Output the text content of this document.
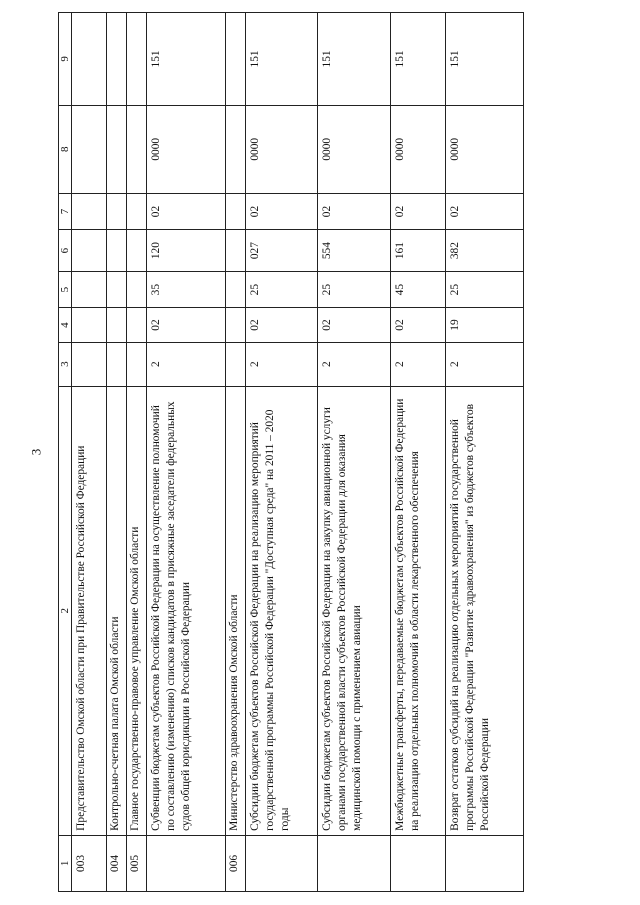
3
1	2	3	4	5	6	7	8	9
003	Представительство Омской области при Правительстве Российской Федерации							
004	Контрольно-счетная палата Омской области							
005	Главное государственно-правовое управление Омской области							
	Субвенции бюджетам субъектов Российской Федерации на осуществление полномочий по составлению (изменению) списков кандидатов в присяжные заседатели федеральных судов общей юрисдикции в Российской Федерации	2	02	35	120	02	0000	151
006	Министерство здравоохранения Омской области							
	Субсидии бюджетам субъектов Российской Федерации на реализацию мероприятий государственной программы Российской Федерации "Доступная среда" на 2011 – 2020 годы	2	02	25	027	02	0000	151
	Субсидии бюджетам субъектов Российской Федерации на закупку авиационной услуги органами государственной власти субъектов Российской Федерации для оказания медицинской помощи с применением авиации	2	02	25	554	02	0000	151
	Межбюджетные трансферты, передаваемые бюджетам субъектов Российской Федерации на реализацию отдельных полномочий в области лекарственного обеспечения	2	02	45	161	02	0000	151
	Возврат остатков субсидий на реализацию отдельных мероприятий государственной программы Российской Федерации "Развитие здравоохранения" из бюджетов субъектов Российской Федерации	2	19	25	382	02	0000	151
